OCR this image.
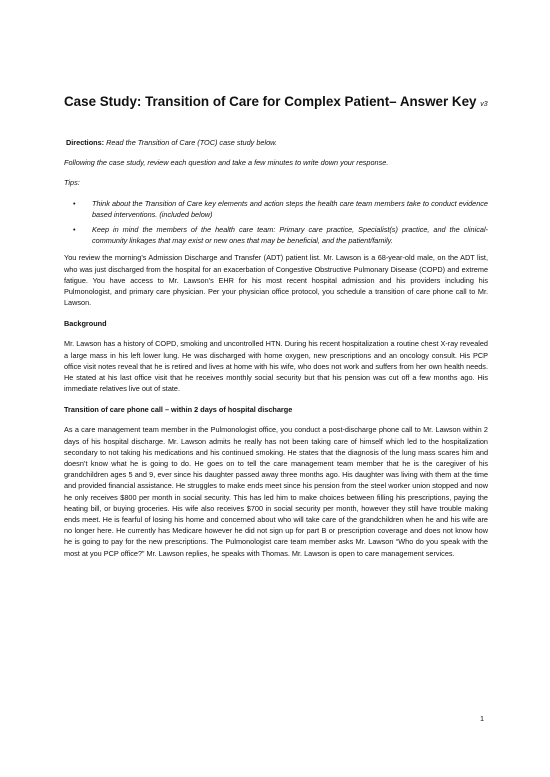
Case Study: Transition of Care for Complex Patient– Answer Key v3

Directions: Read the Transition of Care (TOC) case study below.

Following the case study, review each question and take a few minutes to write down your response.

Tips:

• Think about the Transition of Care key elements and action steps the health care team members take to conduct evidence based interventions. (included below)
• Keep in mind the members of the health care team: Primary care practice, Specialist(s) practice, and the clinical-community linkages that may exist or new ones that may be beneficial, and the patient/family.

You review the morning’s Admission Discharge and Transfer (ADT) patient list. Mr. Lawson is a 68-year-old male, on the ADT list, who was just discharged from the hospital for an exacerbation of Congestive Obstructive Pulmonary Disease (COPD) and extreme fatigue. You have access to Mr. Lawson’s EHR for his most recent hospital admission and his providers including his Pulmonologist, and primary care physician. Per your physician office protocol, you schedule a transition of care phone call to Mr. Lawson.

Background

Mr. Lawson has a history of COPD, smoking and uncontrolled HTN. During his recent hospitalization a routine chest X-ray revealed a large mass in his left lower lung. He was discharged with home oxygen, new prescriptions and an oncology consult. His PCP office visit notes reveal that he is retired and lives at home with his wife, who does not work and suffers from her own health needs. He stated at his last office visit that he receives monthly social security but that his pension was cut off a few months ago. His immediate relatives live out of state.

Transition of care phone call – within 2 days of hospital discharge

As a care management team member in the Pulmonologist office, you conduct a post-discharge phone call to Mr. Lawson within 2 days of his hospital discharge. Mr. Lawson admits he really has not been taking care of himself which led to the hospitalization secondary to not taking his medications and his continued smoking. He states that the diagnosis of the lung mass scares him and doesn’t know what he is going to do. He goes on to tell the care management team member that he is the caregiver of his grandchildren ages 5 and 9, ever since his daughter passed away three months ago. His daughter was living with them at the time and provided financial assistance. He struggles to make ends meet since his pension from the steel worker union stopped and now he only receives $800 per month in social security. This has led him to make choices between filling his prescriptions, paying the heating bill, or buying groceries. His wife also receives $700 in social security per month, however they still have trouble making ends meet. He is fearful of losing his home and concerned about who will take care of the grandchildren when he and his wife are no longer here. He currently has Medicare however he did not sign up for part B or prescription coverage and does not know how he is going to pay for the new prescriptions. The Pulmonologist care team member asks Mr. Lawson “Who do you speak with the most at you PCP office?” Mr. Lawson replies, he speaks with Thomas. Mr. Lawson is open to care management services.

1
